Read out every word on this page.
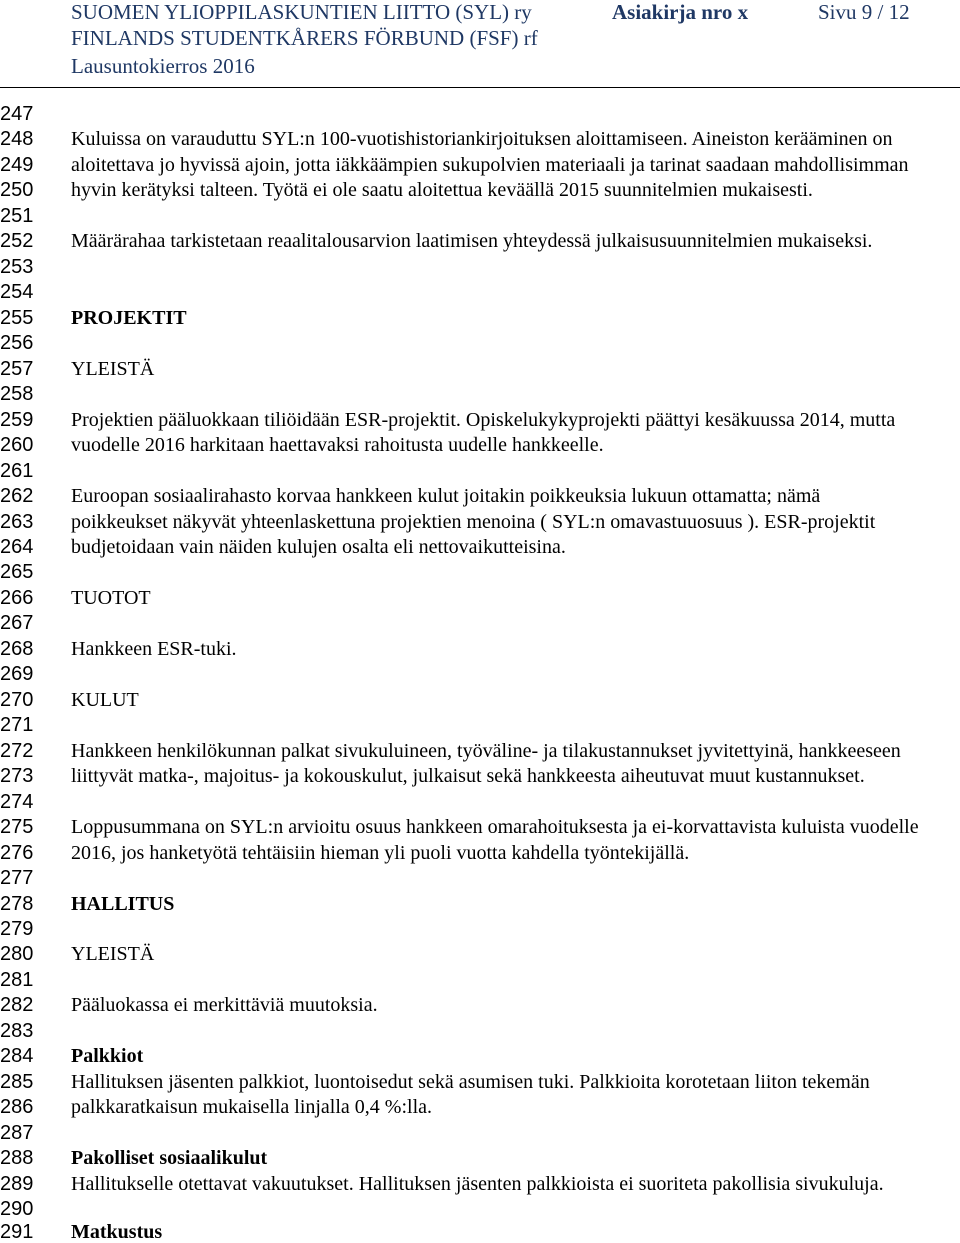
SUOMEN YLIOPPILASKUNTIEN LIITTO (SYL) ry	Asiakirja nro x	Sivu 9 / 12
FINLANDS STUDENTKÅRERS FÖRBUND (FSF) rf
Lausuntokierros 2016
247
248	Kuluissa on varauduttu SYL:n 100-vuotishistoriankirjoituksen aloittamiseen. Aineiston kerääminen on
249	aloitettava jo hyvissä ajoin, jotta iäkkäämpien sukupolvien materiaali ja tarinat saadaan mahdollisimman
250	hyvin kerätyksi talteen. Työtä ei ole saatu aloitettua keväällä 2015 suunnitelmien mukaisesti.
251
252	Määrärahaa tarkistetaan reaalitalousarvion laatimisen yhteydessä julkaisusuunnitelmien mukaiseksi.
253
254
255	PROJEKTIT
256
257	YLEISTÄ
258
259	Projektien pääluokkaan tiliöidään ESR-projektit. Opiskelukykyprojekti päättyi kesäkuussa 2014, mutta
260	vuodelle 2016 harkitaan haettavaksi rahoitusta uudelle hankkeelle.
261
262	Euroopan sosiaalirahasto korvaa hankkeen kulut joitakin poikkeuksia lukuun ottamatta; nämä
263	poikkeukset näkyvät yhteenlaskettuna projektien menoina ( SYL:n omavastuuosuus ). ESR-projektit
264	budjetoidaan vain näiden kulujen osalta eli nettovaikutteisina.
265
266	TUOTOT
267
268	Hankkeen ESR-tuki.
269
270	KULUT
271
272	Hankkeen henkilökunnan palkat sivukuluineen, työväline- ja tilakustannukset jyvitettyinä, hankkeeseen
273	liittyvät matka-, majoitus- ja kokouskulut, julkaisut sekä hankkeesta aiheutuvat muut kustannukset.
274
275	Loppusummana on SYL:n arvioitu osuus hankkeen omarahoituksesta ja ei-korvattavista kuluista vuodelle
276	2016, jos hanketyötä tehtäisiin hieman yli puoli vuotta kahdella työntekijällä.
277
278	HALLITUS
279
280	YLEISTÄ
281
282	Pääluokassa ei merkittäviä muutoksia.
283
284	Palkkiot
285	Hallituksen jäsenten palkkiot, luontoisedut sekä asumisen tuki. Palkkioita korotetaan liiton tekemän
286	palkkaratkaisun mukaisella linjalla 0,4 %:lla.
287
288	Pakolliset sosiaalikulut
289	Hallitukselle otettavat vakuutukset. Hallituksen jäsenten palkkioista ei suoriteta pakollisia sivukuluja.
290
291	Matkustus
